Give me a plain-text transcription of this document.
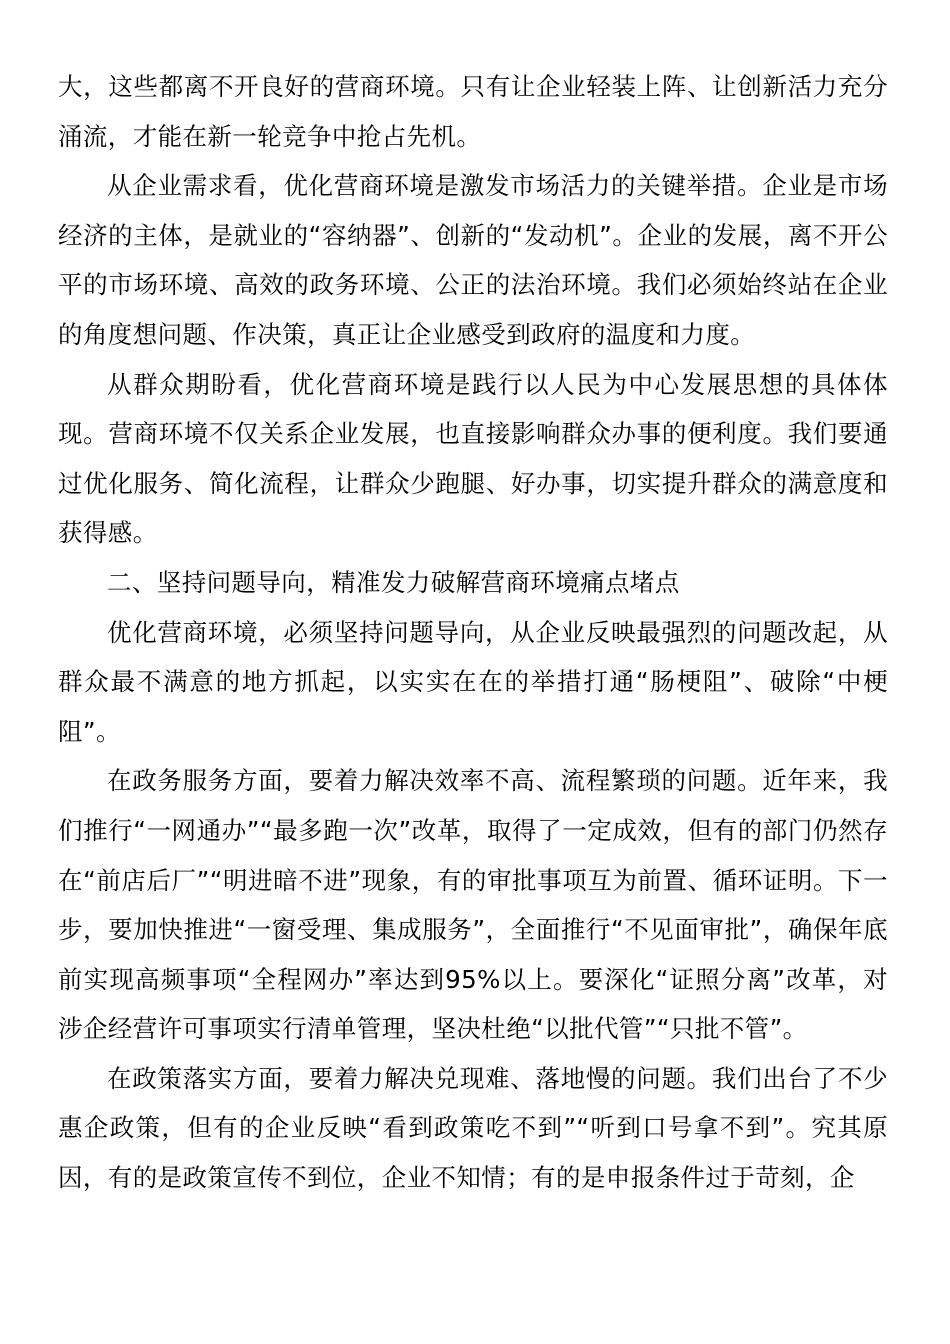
大，这些都离不开良好的营商环境。只有让企业轻装上阵、让创新活力充分涌流，才能在新一轮竞争中抢占先机。

从企业需求看，优化营商环境是激发市场活力的关键举措。企业是市场经济的主体，是就业的“容纳器”、创新的“发动机”。企业的发展，离不开公平的市场环境、高效的政务环境、公正的法治环境。我们必须始终站在企业的角度想问题、作决策，真正让企业感受到政府的温度和力度。

从群众期盼看，优化营商环境是践行以人民为中心发展思想的具体体现。营商环境不仅关系企业发展，也直接影响群众办事的便利度。我们要通过优化服务、简化流程，让群众少跑腿、好办事，切实提升群众的满意度和获得感。

二、坚持问题导向，精准发力破解营商环境痛点堵点

优化营商环境，必须坚持问题导向，从企业反映最强烈的问题改起，从群众最不满意的地方抓起，以实实在在的举措打通“肠梗阻”、破除“中梗阻”。

在政务服务方面，要着力解决效率不高、流程繁琐的问题。近年来，我们推行“一网通办”“最多跑一次”改革，取得了一定成效，但有的部门仍然存在“前店后厂”“明进暗不进”现象，有的审批事项互为前置、循环证明。下一步，要加快推进“一窗受理、集成服务”，全面推行“不见面审批”，确保年底前实现高频事项“全程网办”率达到95%以上。要深化“证照分离”改革，对涉企经营许可事项实行清单管理，坚决杜绝“以批代管”“只批不管”。

在政策落实方面，要着力解决兑现难、落地慢的问题。我们出台了不少惠企政策，但有的企业反映“看到政策吃不到”“听到口号拿不到”。究其原因，有的是政策宣传不到位，企业不知情；有的是申报条件过于苛刻，企
